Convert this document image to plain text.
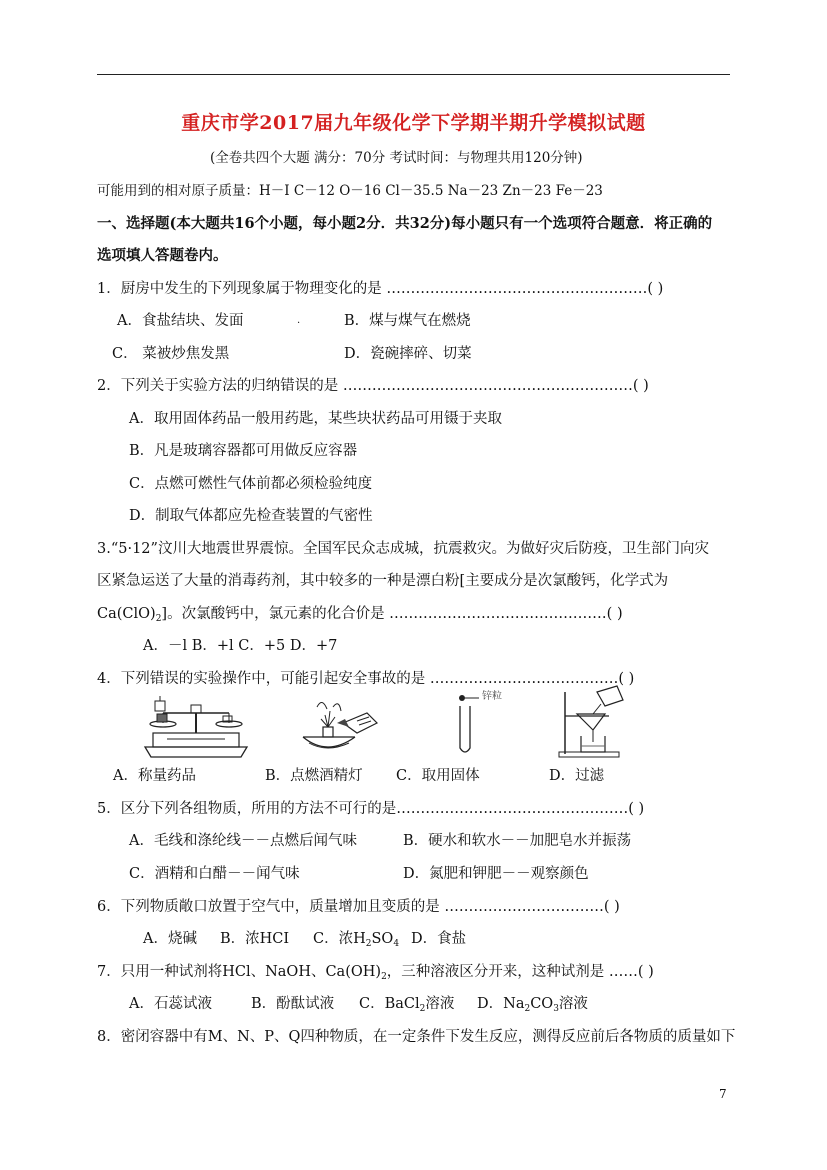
重庆市学2017届九年级化学下学期半期升学模拟试题
(全卷共四个大题 满分：70分 考试时间：与物理共用120分钟)
可能用到的相对原子质量：H－I C－12 O－16 Cl－35.5 Na－23 Zn－23 Fe－23
一、选择题(本大题共16个小题，每小题2分．共32分)每小题只有一个选项符合题意．将正确的
选项填人答题卷内。
1．厨房中发生的下列现象属于物理变化的是 ………………………………………………( )
A．食盐结块、发面	.	B．煤与煤气在燃烧
C． 菜被炒焦发黑	D．瓷碗摔碎、切菜
2．下列关于实验方法的归纳错误的是 ……………………………………………………( )
A．取用固体药品一般用药匙，某些块状药品可用镊于夹取
B．凡是玻璃容器都可用做反应容器
C．点燃可燃性气体前都必须检验纯度
D．制取气体都应先检查装置的气密性
3.“5·12”汶川大地震世界震惊。全国军民众志成城，抗震救灾。为做好灾后防疫，卫生部门向灾
区紧急运送了大量的消毒药剂，其中较多的一种是漂白粉[主要成分是次氯酸钙，化学式为
$Ca(ClO)_2$]。次氯酸钙中，氯元素的化合价是 ………………………………………( )
A．－l B．+l C．+5 D．+7
4．下列错误的实验操作中，可能引起安全事故的是 …………………………………( )
锌粒
A．称量药品	B．点燃酒精灯 C．取用固体	D．过滤
5．区分下列各组物质，所用的方法不可行的是…………………………………………( )
A．毛线和涤纶线－－点燃后闻气味	B．硬水和软水－－加肥皂水并振荡
C．酒精和白醋－－闻气味	D．氮肥和钾肥－－观察颜色
6．下列物质敞口放置于空气中，质量增加且变质的是 ……………………………( )
A．烧碱 B．浓HCI C．浓$H_2SO_4$ D．食盐
7．只用一种试剂将HCl、NaOH、$Ca(OH)_2$，三种溶液区分开来，这种试剂是 ……( )
A．石蕊试液	B．酚酞试液 C．BaCl$_2$溶液 D．$Na_2CO_3$溶液
8．密闭容器中有M、N、P、Q四种物质，在一定条件下发生反应，测得反应前后各物质的质量如下
7
